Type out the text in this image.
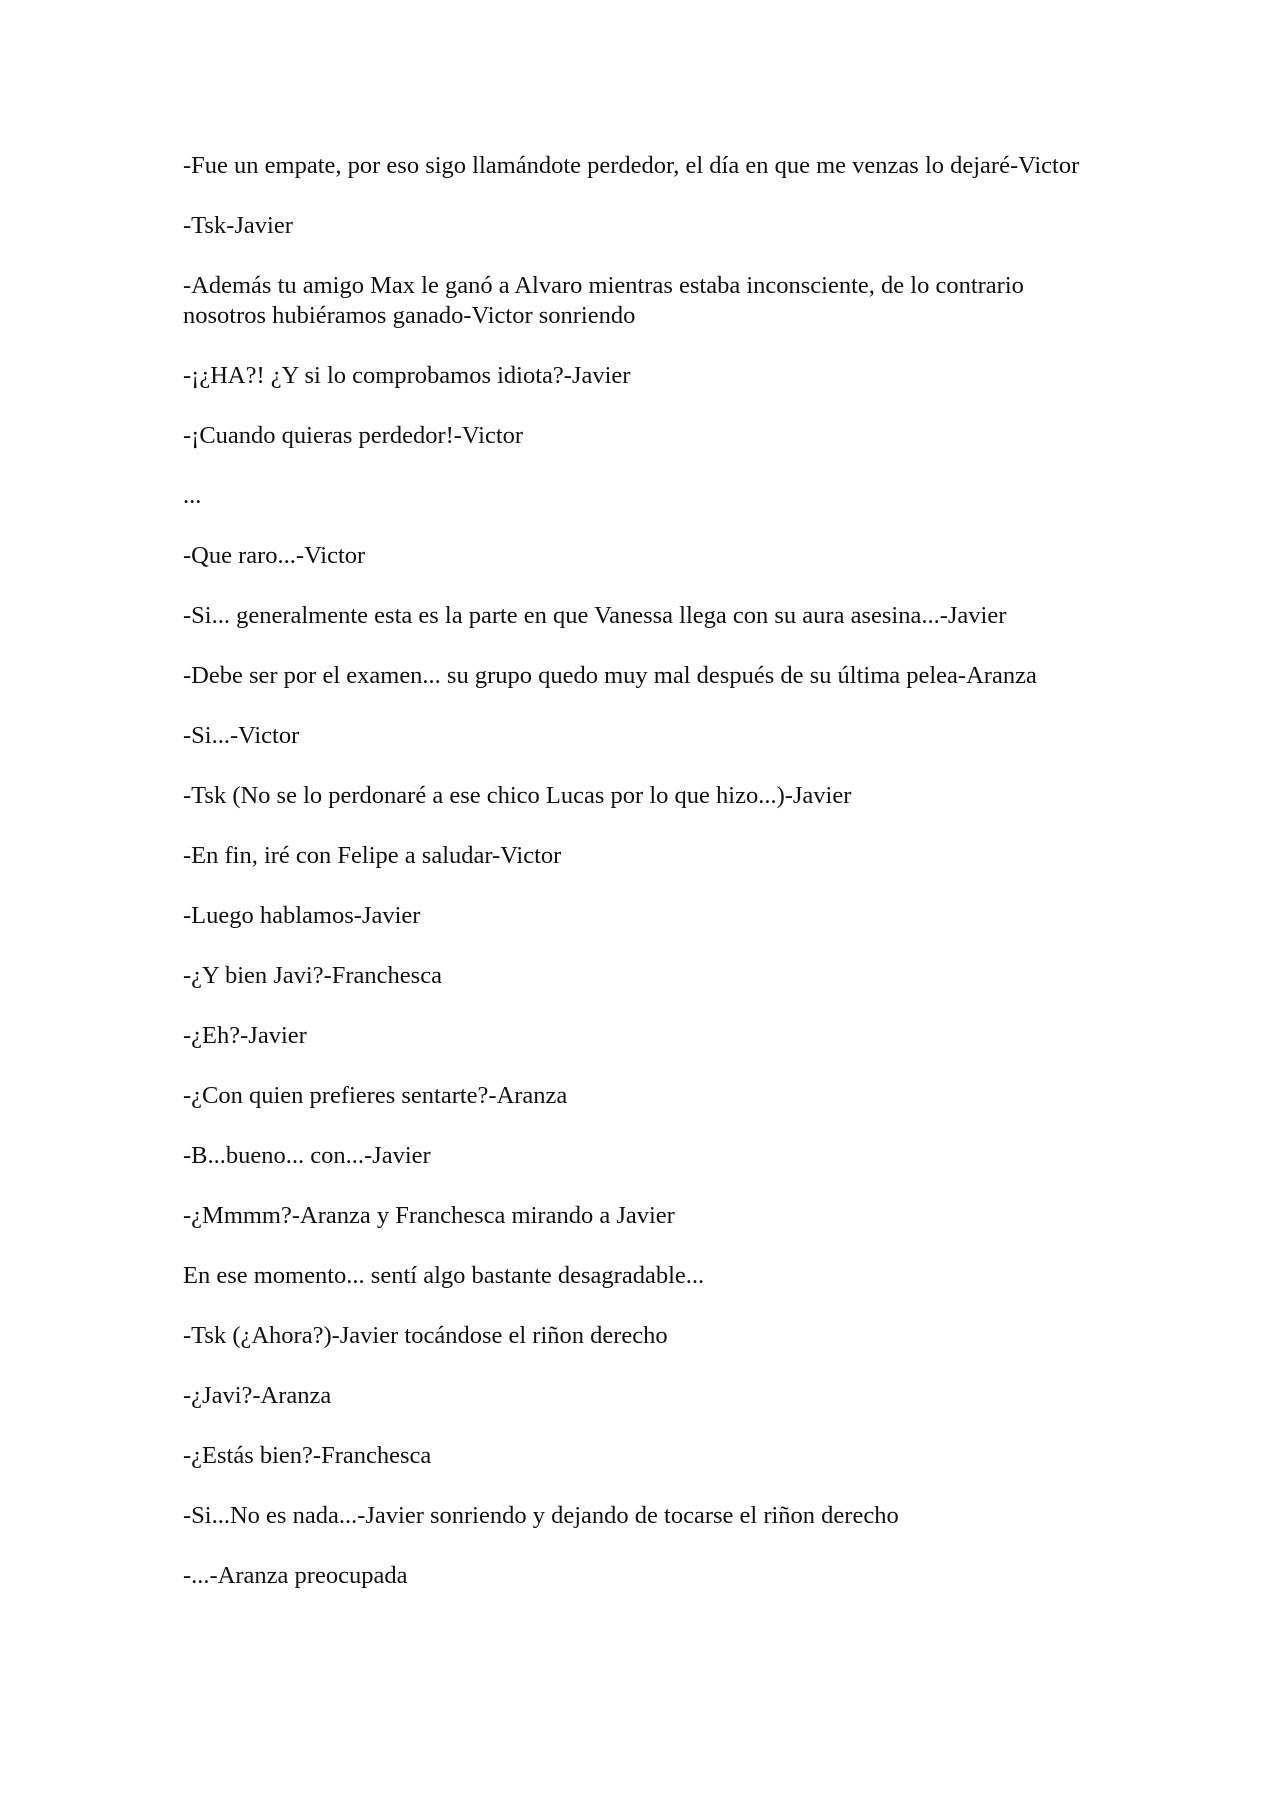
-Fue un empate, por eso sigo llamándote perdedor, el día en que me venzas lo dejaré-Victor

-Tsk-Javier

-Además tu amigo Max le ganó a Alvaro mientras estaba inconsciente, de lo contrario nosotros hubiéramos ganado-Victor sonriendo

-¡¿HA?! ¿Y si lo comprobamos idiota?-Javier

-¡Cuando quieras perdedor!-Victor

...

-Que raro...-Victor

-Si... generalmente esta es la parte en que Vanessa llega con su aura asesina...-Javier

-Debe ser por el examen... su grupo quedo muy mal después de su última pelea-Aranza

-Si...-Victor

-Tsk (No se lo perdonaré a ese chico Lucas por lo que hizo...)-Javier

-En fin, iré con Felipe a saludar-Victor

-Luego hablamos-Javier

-¿Y bien Javi?-Franchesca

-¿Eh?-Javier

-¿Con quien prefieres sentarte?-Aranza

-B...bueno... con...-Javier

-¿Mmmm?-Aranza y Franchesca mirando a Javier

En ese momento... sentí algo bastante desagradable...

-Tsk (¿Ahora?)-Javier tocándose el riñon derecho

-¿Javi?-Aranza

-¿Estás bien?-Franchesca

-Si...No es nada...-Javier sonriendo y dejando de tocarse el riñon derecho

-...-Aranza preocupada
